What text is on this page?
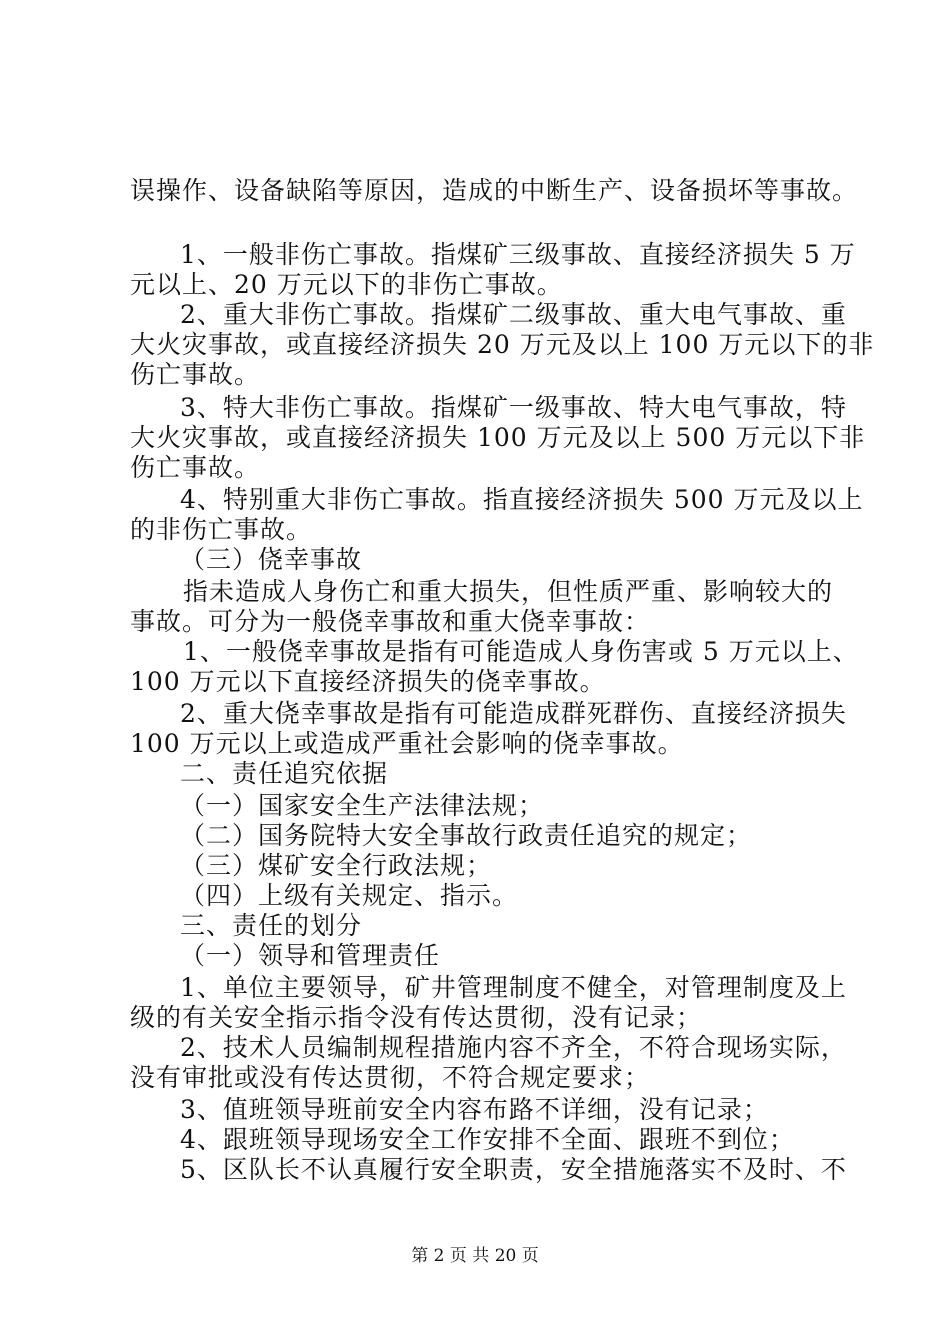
误操作、设备缺陷等原因，造成的中断生产、设备损坏等事故。
1、一般非伤亡事故。指煤矿三级事故、直接经济损失 5 万
元以上、20 万元以下的非伤亡事故。
2、重大非伤亡事故。指煤矿二级事故、重大电气事故、重
大火灾事故，或直接经济损失 20 万元及以上 100 万元以下的非
伤亡事故。
3、特大非伤亡事故。指煤矿一级事故、特大电气事故，特
大火灾事故，或直接经济损失 100 万元及以上 500 万元以下非
伤亡事故。
4、特别重大非伤亡事故。指直接经济损失 500 万元及以上
的非伤亡事故。
（三）侥幸事故
指未造成人身伤亡和重大损失，但性质严重、影响较大的
事故。可分为一般侥幸事故和重大侥幸事故：
1、一般侥幸事故是指有可能造成人身伤害或 5 万元以上、
100 万元以下直接经济损失的侥幸事故。
2、重大侥幸事故是指有可能造成群死群伤、直接经济损失
100 万元以上或造成严重社会影响的侥幸事故。
二、责任追究依据
（一）国家安全生产法律法规；
（二）国务院特大安全事故行政责任追究的规定；
（三）煤矿安全行政法规；
（四）上级有关规定、指示。
三、责任的划分
（一）领导和管理责任
1、单位主要领导，矿井管理制度不健全，对管理制度及上
级的有关安全指示指令没有传达贯彻，没有记录；
2、技术人员编制规程措施内容不齐全，不符合现场实际，
没有审批或没有传达贯彻，不符合规定要求；
3、值班领导班前安全内容布路不详细，没有记录；
4、跟班领导现场安全工作安排不全面、跟班不到位；
5、区队长不认真履行安全职责，安全措施落实不及时、不
第 2 页 共 20 页
